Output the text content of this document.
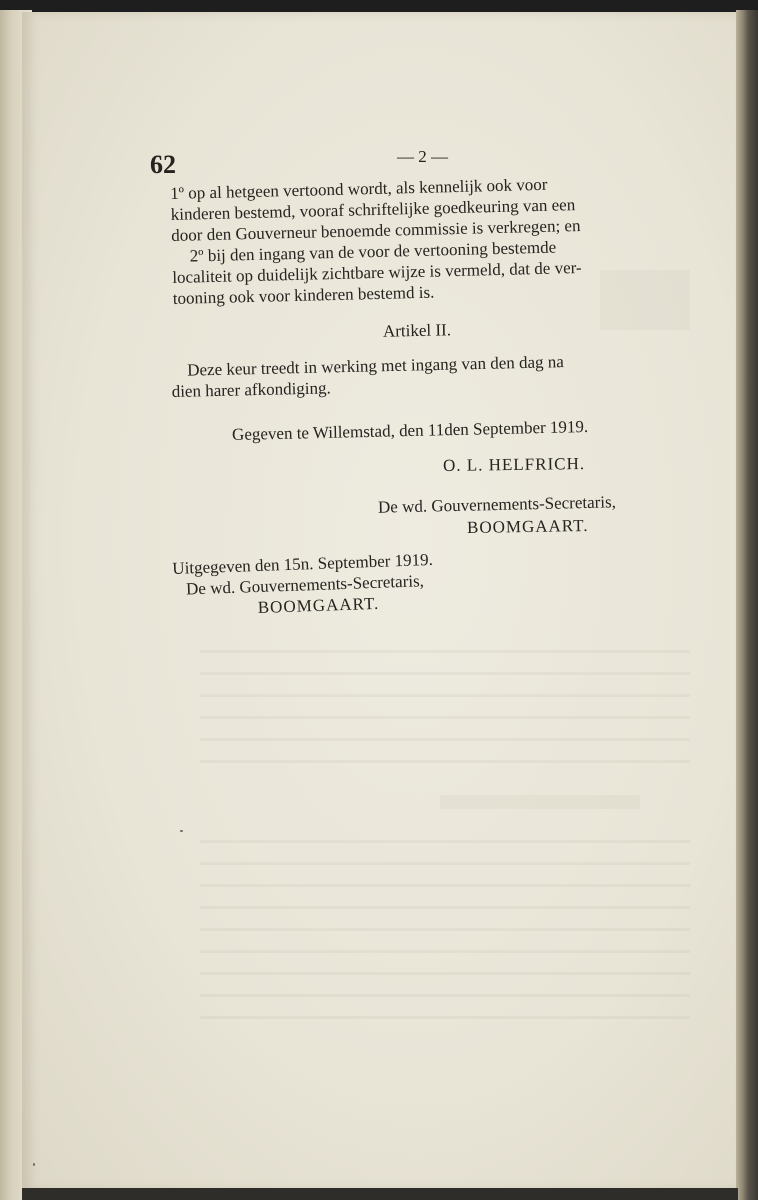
62	— 2 —
1º op al hetgeen vertoond wordt, als kennelijk ook voor
kinderen bestemd, vooraf schriftelijke goedkeuring van een
door den Gouverneur benoemde commissie is verkregen; en
2º bij den ingang van de voor de vertooning bestemde
localiteit op duidelijk zichtbare wijze is vermeld, dat de ver-
tooning ook voor kinderen bestemd is.
Artikel II.
Deze keur treedt in werking met ingang van den dag na
dien harer afkondiging.
Gegeven te Willemstad, den 11den September 1919.
O. L. HELFRICH.
De wd. Gouvernements-Secretaris,
BOOMGAART.
Uitgegeven den 15n. September 1919.
De wd. Gouvernements-Secretaris,
BOOMGAART.
